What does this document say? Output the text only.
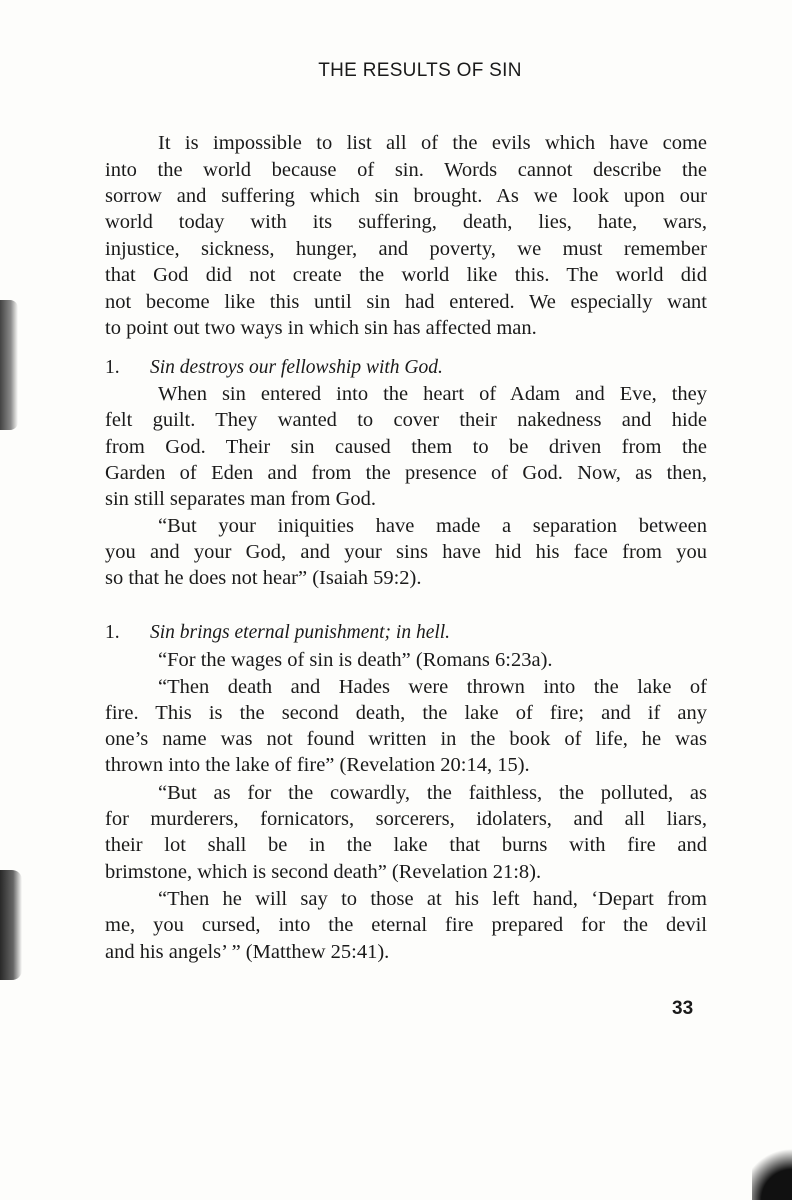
THE RESULTS OF SIN
It is impossible to list all of the evils which have come
into the world because of sin. Words cannot describe the
sorrow and suffering which sin brought. As we look upon our
world today with its suffering, death, lies, hate, wars,
injustice, sickness, hunger, and poverty, we must remember
that God did not create the world like this. The world did
not become like this until sin had entered. We especially want
to point out two ways in which sin has affected man.
1. Sin destroys our fellowship with God.
When sin entered into the heart of Adam and Eve, they
felt guilt. They wanted to cover their nakedness and hide
from God. Their sin caused them to be driven from the
Garden of Eden and from the presence of God. Now, as then,
sin still separates man from God.
“But your iniquities have made a separation between
you and your God, and your sins have hid his face from you
so that he does not hear” (Isaiah 59:2).
1. Sin brings eternal punishment; in hell.
“For the wages of sin is death” (Romans 6:23a).
“Then death and Hades were thrown into the lake of
fire. This is the second death, the lake of fire; and if any
one’s name was not found written in the book of life, he was
thrown into the lake of fire” (Revelation 20:14, 15).
“But as for the cowardly, the faithless, the polluted, as
for murderers, fornicators, sorcerers, idolaters, and all liars,
their lot shall be in the lake that burns with fire and
brimstone, which is second death” (Revelation 21:8).
“Then he will say to those at his left hand, ‘Depart from
me, you cursed, into the eternal fire prepared for the devil
and his angels’ ” (Matthew 25:41).
33
